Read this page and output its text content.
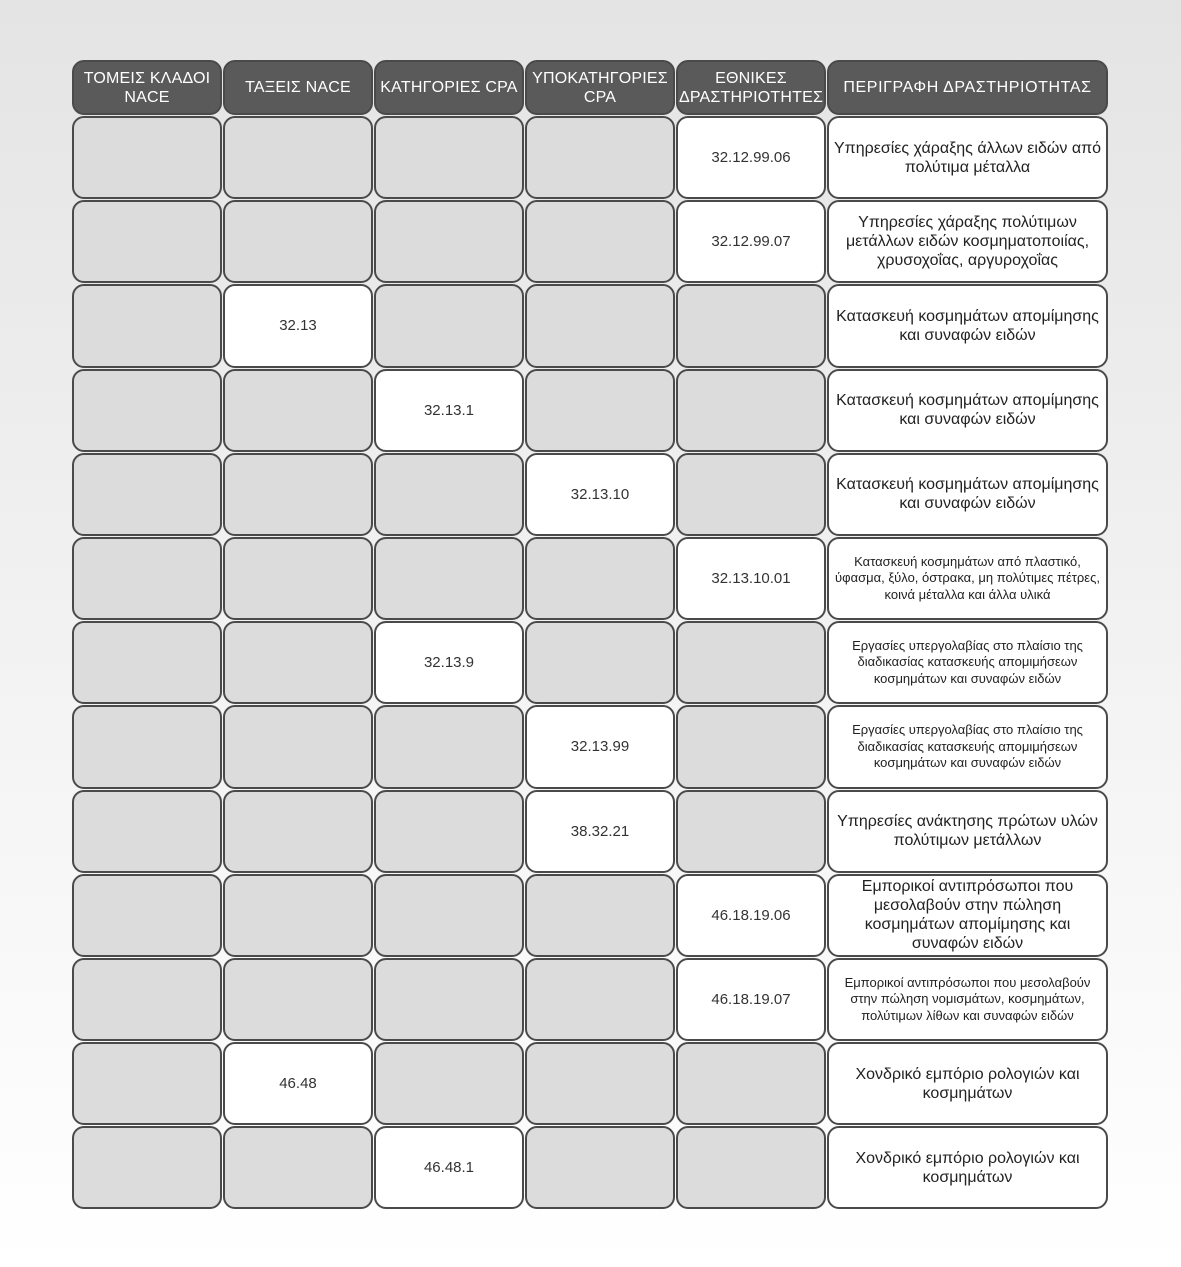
ΤΟΜΕΙΣ ΚΛΑΔΟΙ NACE
ΤΑΞΕΙΣ NACE	ΚΑΤΗΓΟΡΙΕΣ CPA
ΥΠΟΚΑΤΗΓΟΡΙΕΣ CPA
ΕΘΝΙΚΕΣ ΔΡΑΣΤΗΡΙΟΤΗΤΕΣ
ΠΕΡΙΓΡΑΦΗ ΔΡΑΣΤΗΡΙΟΤΗΤΑΣ
32.12.99.06
Υπηρεσίες χάραξης άλλων ειδών από πολύτιμα μέταλλα
32.12.99.07
Υπηρεσίες χάραξης πολύτιμων μετάλλων ειδών κοσμηματοποιίας, χρυσοχοΐας, αργυροχοΐας
32.13
Κατασκευή κοσμημάτων απομίμησης και συναφών ειδών
32.13.1
Κατασκευή κοσμημάτων απομίμησης και συναφών ειδών
32.13.10
Κατασκευή κοσμημάτων απομίμησης και συναφών ειδών
32.13.10.01
Κατασκευή κοσμημάτων από πλαστικό, ύφασμα, ξύλο, όστρακα, μη πολύτιμες πέτρες, κοινά μέταλλα και άλλα υλικά
32.13.9
Εργασίες υπεργολαβίας στο πλαίσιο της διαδικασίας κατασκευής απομιμήσεων κοσμημάτων και συναφών ειδών
32.13.99
Εργασίες υπεργολαβίας στο πλαίσιο της διαδικασίας κατασκευής απομιμήσεων κοσμημάτων και συναφών ειδών
38.32.21
Υπηρεσίες ανάκτησης πρώτων υλών πολύτιμων μετάλλων
46.18.19.06
Εμπορικοί αντιπρόσωποι που μεσολαβούν στην πώληση κοσμημάτων απομίμησης και συναφών ειδών
46.18.19.07
Εμπορικοί αντιπρόσωποι που μεσολαβούν στην πώληση νομισμάτων, κοσμημάτων, πολύτιμων λίθων και συναφών ειδών
46.48
Χονδρικό εμπόριο ρολογιών και κοσμημάτων
46.48.1
Χονδρικό εμπόριο ρολογιών και κοσμημάτων
